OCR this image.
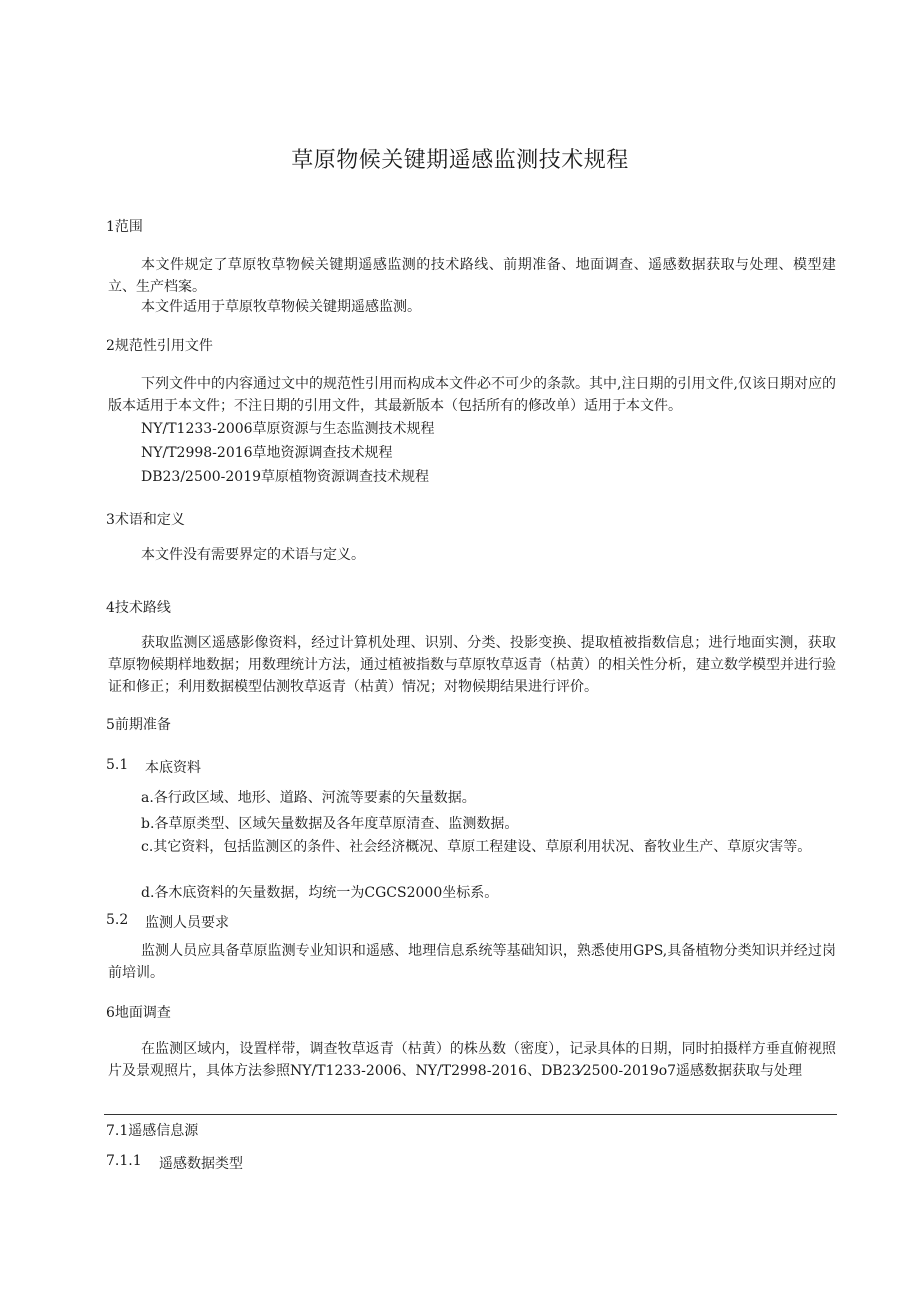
草原物候关键期遥感监测技术规程
1范围
本文件规定了草原牧草物候关键期遥感监测的技术路线、前期准备、地面调查、遥感数据获取与处理、模型建立、生产档案。
本文件适用于草原牧草物候关键期遥感监测。
2规范性引用文件
下列文件中的内容通过文中的规范性引用而构成本文件必不可少的条款。其中,注日期的引用文件,仅该日期对应的版本适用于本文件；不注日期的引用文件，其最新版本（包括所有的修改单）适用于本文件。
NY/T1233-2006草原资源与生态监测技术规程
NY/T2998-2016草地资源调查技术规程
DB23/2500-2019草原植物资源调查技术规程
3术语和定义
本文件没有需要界定的术语与定义。
4技术路线
获取监测区遥感影像资料，经过计算机处理、识别、分类、投影变换、提取植被指数信息；进行地面实测，获取草原物候期样地数据；用数理统计方法，通过植被指数与草原牧草返青（枯黄）的相关性分析，建立数学模型并进行验证和修正；利用数据模型估测牧草返青（枯黄）情况；对物候期结果进行评价。
5前期准备
5.1 本底资料
a.各行政区域、地形、道路、河流等要素的矢量数据。
b.各草原类型、区域矢量数据及各年度草原清查、监测数据。
c.其它资料，包括监测区的条件、社会经济概况、草原工程建设、草原利用状况、畜牧业生产、草原灾害等。
d.各木底资料的矢量数据，均统一为CGCS2000坐标系。
5.2 监测人员要求
监测人员应具备草原监测专业知识和遥感、地理信息系统等基础知识，熟悉使用GPS,具备植物分类知识并经过岗前培训。
6地面调查
在监测区域内，设置样带，调查牧草返青（枯黄）的株丛数（密度），记录具体的日期，同时拍摄样方垂直俯视照片及景观照片，具体方法参照NY/T1233-2006、NY/T2998-2016、DB23⁄2500-2019o7遥感数据获取与处理
7.1遥感信息源
7.1.1 遥感数据类型
